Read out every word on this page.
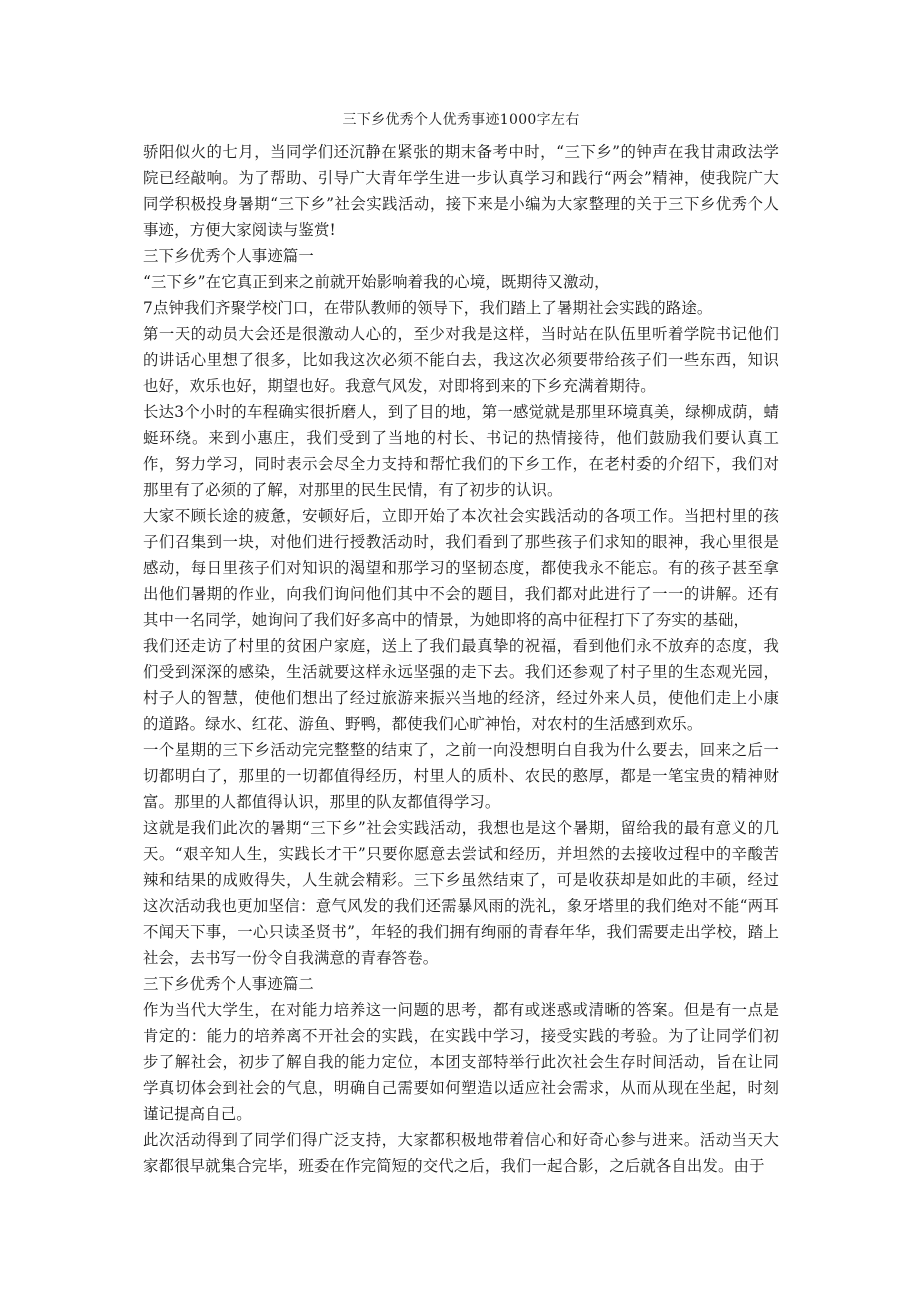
三下乡优秀个人优秀事迹1000字左右

骄阳似火的七月，当同学们还沉静在紧张的期末备考中时，“三下乡”的钟声在我甘肃政法学院已经敲响。为了帮助、引导广大青年学生进一步认真学习和践行“两会”精神，使我院广大同学积极投身暑期“三下乡”社会实践活动，接下来是小编为大家整理的关于三下乡优秀个人事迹，方便大家阅读与鉴赏!

三下乡优秀个人事迹篇一

“三下乡”在它真正到来之前就开始影响着我的心境，既期待又激动，

7点钟我们齐聚学校门口，在带队教师的领导下，我们踏上了暑期社会实践的路途。

第一天的动员大会还是很激动人心的，至少对我是这样，当时站在队伍里听着学院书记他们的讲话心里想了很多，比如我这次必须不能白去，我这次必须要带给孩子们一些东西，知识也好，欢乐也好，期望也好。我意气风发，对即将到来的下乡充满着期待。

长达3个小时的车程确实很折磨人，到了目的地，第一感觉就是那里环境真美，绿柳成荫，蜻蜓环绕。来到小惠庄，我们受到了当地的村长、书记的热情接待，他们鼓励我们要认真工作，努力学习，同时表示会尽全力支持和帮忙我们的下乡工作，在老村委的介绍下，我们对那里有了必须的了解，对那里的民生民情，有了初步的认识。

大家不顾长途的疲惫，安顿好后，立即开始了本次社会实践活动的各项工作。当把村里的孩子们召集到一块，对他们进行授教活动时，我们看到了那些孩子们求知的眼神，我心里很是感动，每日里孩子们对知识的渴望和那学习的坚韧态度，都使我永不能忘。有的孩子甚至拿出他们暑期的作业，向我们询问他们其中不会的题目，我们都对此进行了一一的讲解。还有其中一名同学，她询问了我们好多高中的情景，为她即将的高中征程打下了夯实的基础，

我们还走访了村里的贫困户家庭，送上了我们最真挚的祝福，看到他们永不放弃的态度，我们受到深深的感染，生活就要这样永远坚强的走下去。我们还参观了村子里的生态观光园，村子人的智慧，使他们想出了经过旅游来振兴当地的经济，经过外来人员，使他们走上小康的道路。绿水、红花、游鱼、野鸭，都使我们心旷神怡，对农村的生活感到欢乐。

一个星期的三下乡活动完完整整的结束了，之前一向没想明白自我为什么要去，回来之后一切都明白了，那里的一切都值得经历，村里人的质朴、农民的憨厚，都是一笔宝贵的精神财富。那里的人都值得认识，那里的队友都值得学习。

这就是我们此次的暑期“三下乡”社会实践活动，我想也是这个暑期，留给我的最有意义的几天。“艰辛知人生，实践长才干”只要你愿意去尝试和经历，并坦然的去接收过程中的辛酸苦辣和结果的成败得失，人生就会精彩。三下乡虽然结束了，可是收获却是如此的丰硕，经过这次活动我也更加坚信：意气风发的我们还需暴风雨的洗礼，象牙塔里的我们绝对不能“两耳不闻天下事，一心只读圣贤书”，年轻的我们拥有绚丽的青春年华，我们需要走出学校，踏上社会，去书写一份令自我满意的青春答卷。

三下乡优秀个人事迹篇二

作为当代大学生，在对能力培养这一问题的思考，都有或迷惑或清晰的答案。但是有一点是肯定的：能力的培养离不开社会的实践，在实践中学习，接受实践的考验。为了让同学们初步了解社会，初步了解自我的能力定位，本团支部特举行此次社会生存时间活动，旨在让同学真切体会到社会的气息，明确自己需要如何塑造以适应社会需求，从而从现在坐起，时刻谨记提高自己。

此次活动得到了同学们得广泛支持，大家都积极地带着信心和好奇心参与进来。活动当天大家都很早就集合完毕，班委在作完简短的交代之后，我们一起合影，之后就各自出发。由于
